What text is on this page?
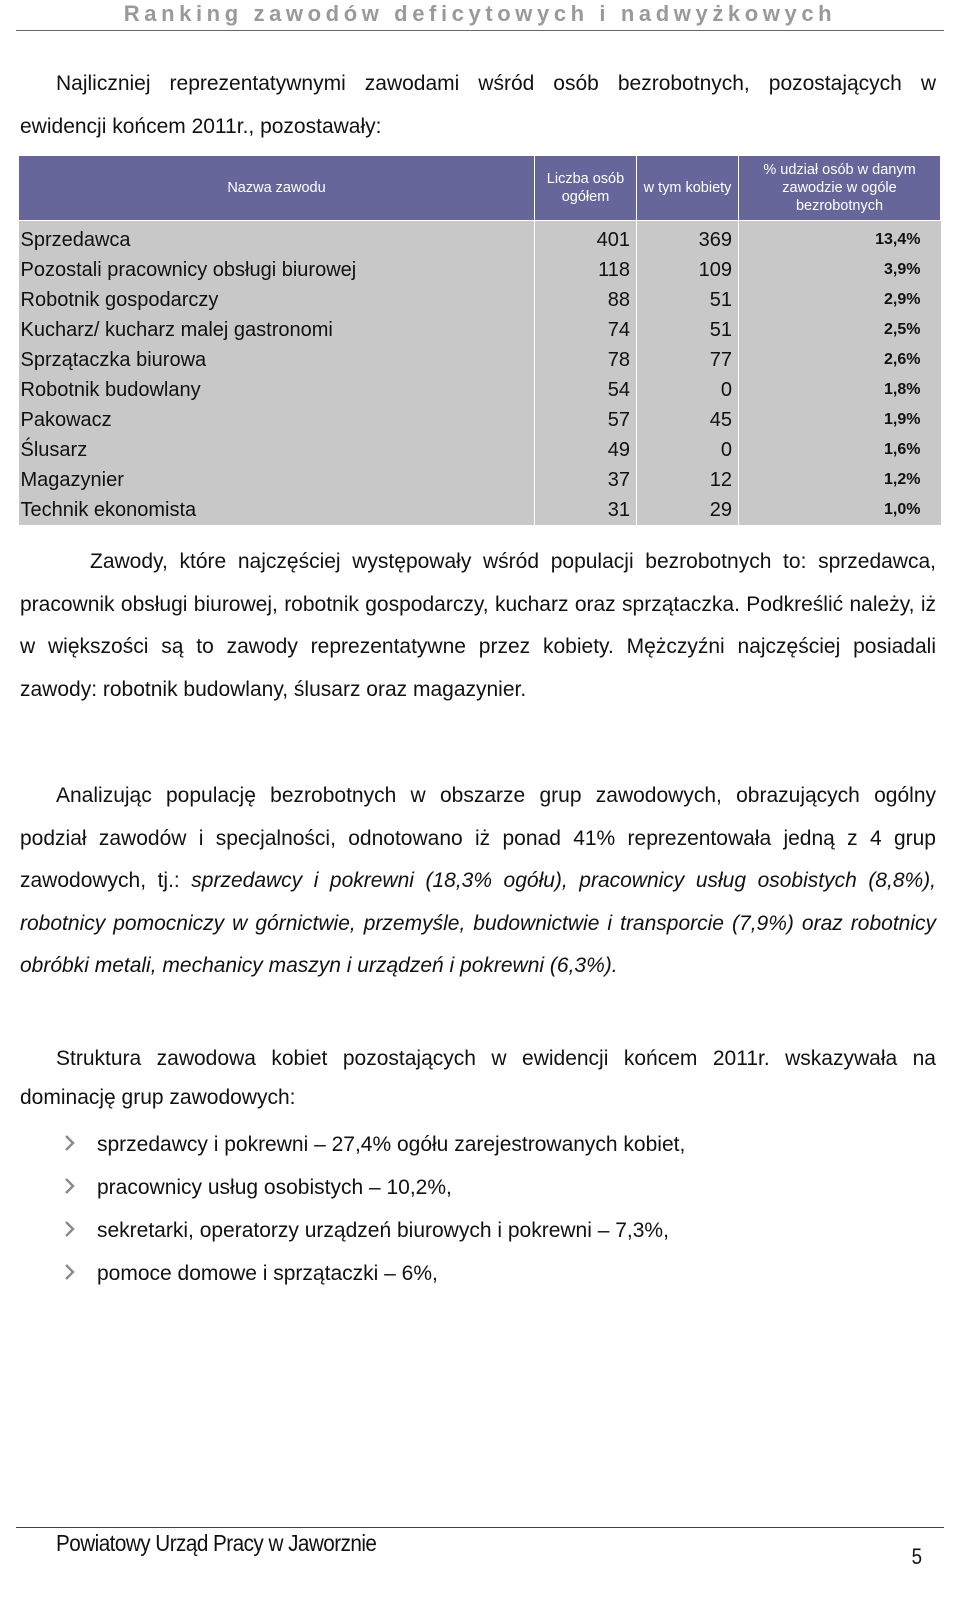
Ranking zawodów deficytowych i nadwyżkowych
Najliczniej reprezentatywnymi zawodami wśród osób bezrobotnych, pozostających w ewidencji końcem 2011r., pozostawały:
Nazwa zawodu	Liczba osób ogółem	w tym kobiety	% udział osób w danym zawodzie w ogóle bezrobotnych
Sprzedawca	401	369	13,4%
Pozostali pracownicy obsługi biurowej	118	109	3,9%
Robotnik gospodarczy	88	51	2,9%
Kucharz/ kucharz malej gastronomi	74	51	2,5%
Sprzątaczka biurowa	78	77	2,6%
Robotnik budowlany	54	0	1,8%
Pakowacz	57	45	1,9%
Ślusarz	49	0	1,6%
Magazynier	37	12	1,2%
Technik ekonomista	31	29	1,0%
Zawody, które najczęściej występowały wśród populacji bezrobotnych to: sprzedawca, pracownik obsługi biurowej, robotnik gospodarczy, kucharz oraz sprzątaczka. Podkreślić należy, iż w większości są to zawody reprezentatywne przez kobiety. Mężczyźni najczęściej posiadali zawody: robotnik budowlany, ślusarz oraz magazynier.
Analizując populację bezrobotnych w obszarze grup zawodowych, obrazujących ogólny podział zawodów i specjalności, odnotowano iż ponad 41% reprezentowała jedną z 4 grup zawodowych, tj.: sprzedawcy i pokrewni (18,3% ogółu), pracownicy usług osobistych (8,8%), robotnicy pomocniczy w górnictwie, przemyśle, budownictwie i transporcie (7,9%) oraz robotnicy obróbki metali, mechanicy maszyn i urządzeń i pokrewni (6,3%).
Struktura zawodowa kobiet pozostających w ewidencji końcem 2011r. wskazywała na dominację grup zawodowych:
sprzedawcy i pokrewni – 27,4% ogółu zarejestrowanych kobiet,
pracownicy usług osobistych – 10,2%,
sekretarki, operatorzy urządzeń biurowych i pokrewni – 7,3%,
pomoce domowe i sprzątaczki – 6%,
Powiatowy Urząd Pracy w Jaworznie
5
